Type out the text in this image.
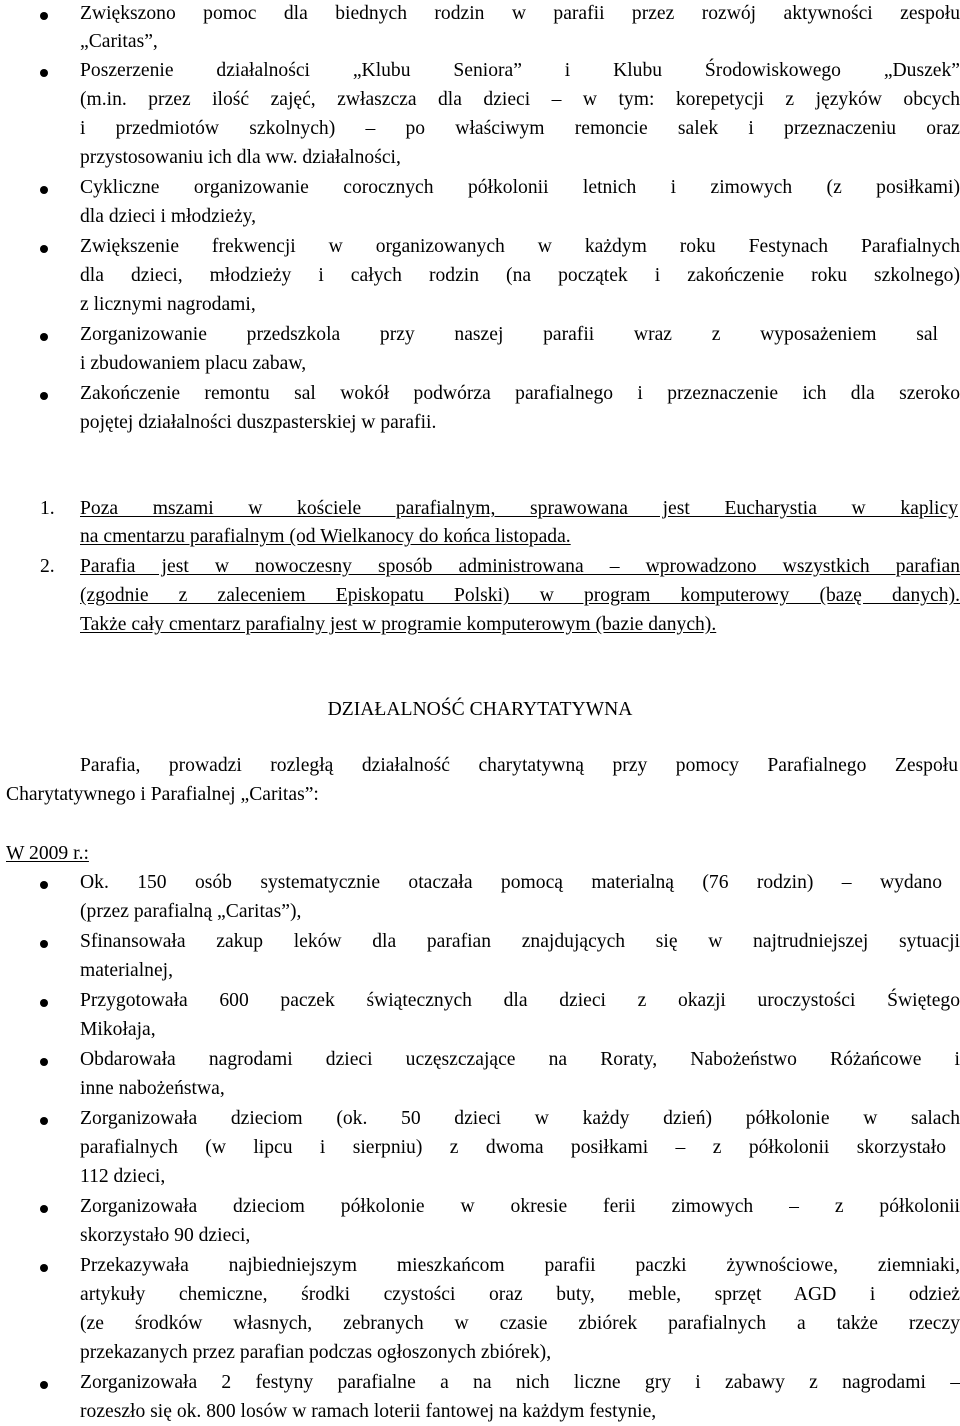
Zwiększono pomoc dla biednych rodzin w parafii przez rozwój aktywności zespołu
„Caritas”,
Poszerzenie działalności „Klubu Seniora” i Klubu Środowiskowego „Duszek”
(m.in. przez ilość zajęć, zwłaszcza dla dzieci – w tym: korepetycji z języków obcych
i przedmiotów szkolnych) – po właściwym remoncie salek i przeznaczeniu oraz
przystosowaniu ich dla ww. działalności,
Cykliczne organizowanie corocznych półkolonii letnich i zimowych (z posiłkami)
dla dzieci i młodzieży,
Zwiększenie frekwencji w organizowanych w każdym roku Festynach Parafialnych
dla dzieci, młodzieży i całych rodzin (na początek i zakończenie roku szkolnego)
z licznymi nagrodami,
Zorganizowanie przedszkola przy naszej parafii wraz z wyposażeniem sal
i zbudowaniem placu zabaw,
Zakończenie remontu sal wokół podwórza parafialnego i przeznaczenie ich dla szeroko
pojętej działalności duszpasterskiej w parafii.
1.	Poza mszami w kościele parafialnym, sprawowana jest Eucharystia w kaplicy
na cmentarzu parafialnym (od Wielkanocy do końca listopada.
2.	Parafia jest w nowoczesny sposób administrowana – wprowadzono wszystkich parafian
(zgodnie z zaleceniem Episkopatu Polski) w program komputerowy (bazę danych).
Także cały cmentarz parafialny jest w programie komputerowym (bazie danych).
DZIAŁALNOŚĆ CHARYTATYWNA
Parafia, prowadzi rozległą działalność charytatywną przy pomocy Parafialnego Zespołu
Charytatywnego i Parafialnej „Caritas”:
W 2009 r.:
Ok. 150 osób systematycznie otaczała pomocą materialną (76 rodzin) – wydano
(przez parafialną „Caritas”),
Sfinansowała zakup leków dla parafian znajdujących się w najtrudniejszej sytuacji
materialnej,
Przygotowała 600 paczek świątecznych dla dzieci z okazji uroczystości Świętego
Mikołaja,
Obdarowała nagrodami dzieci uczęszczające na Roraty, Nabożeństwo Różańcowe i
inne nabożeństwa,
Zorganizowała dzieciom (ok. 50 dzieci w każdy dzień) półkolonie w salach
parafialnych (w lipcu i sierpniu) z dwoma posiłkami – z półkolonii skorzystało
112 dzieci,
Zorganizowała dzieciom półkolonie w okresie ferii zimowych – z półkolonii
skorzystało 90 dzieci,
Przekazywała najbiedniejszym mieszkańcom parafii paczki żywnościowe, ziemniaki,
artykuły chemiczne, środki czystości oraz buty, meble, sprzęt AGD i odzież
(ze środków własnych, zebranych w czasie zbiórek parafialnych a także rzeczy
przekazanych przez parafian podczas ogłoszonych zbiórek),
Zorganizowała 2 festyny parafialne a na nich liczne gry i zabawy z nagrodami –
rozeszło się ok. 800 losów w ramach loterii fantowej na każdym festynie,
